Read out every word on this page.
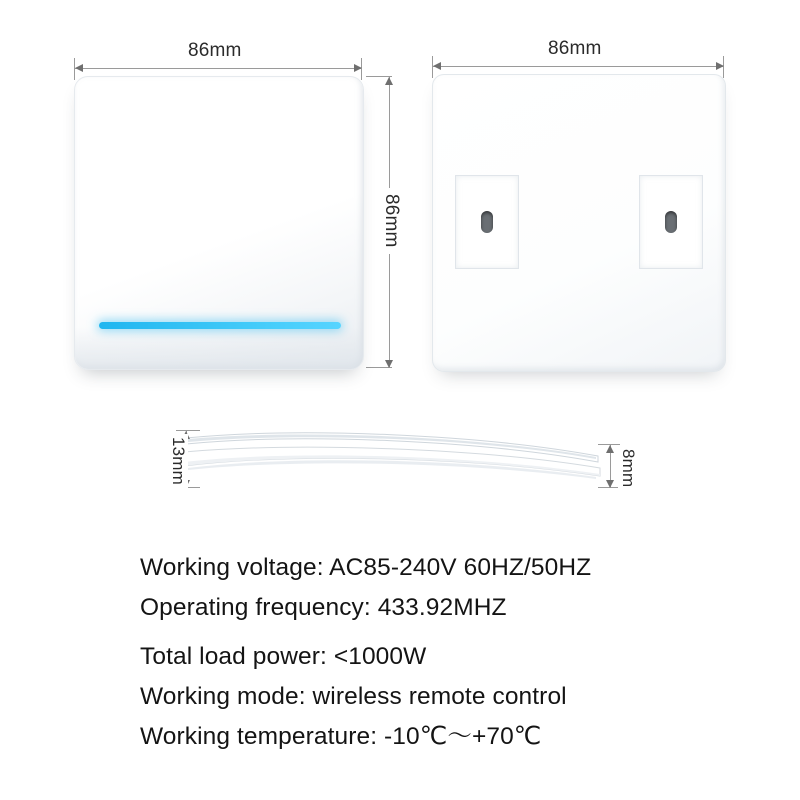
86mm
86mm
86mm
13mm	8mm
Working voltage: AC85-240V 60HZ/50HZ
Operating frequency: 433.92MHZ
Total load power: <1000W
Working mode: wireless remote control
Working temperature: -10℃～+70℃
